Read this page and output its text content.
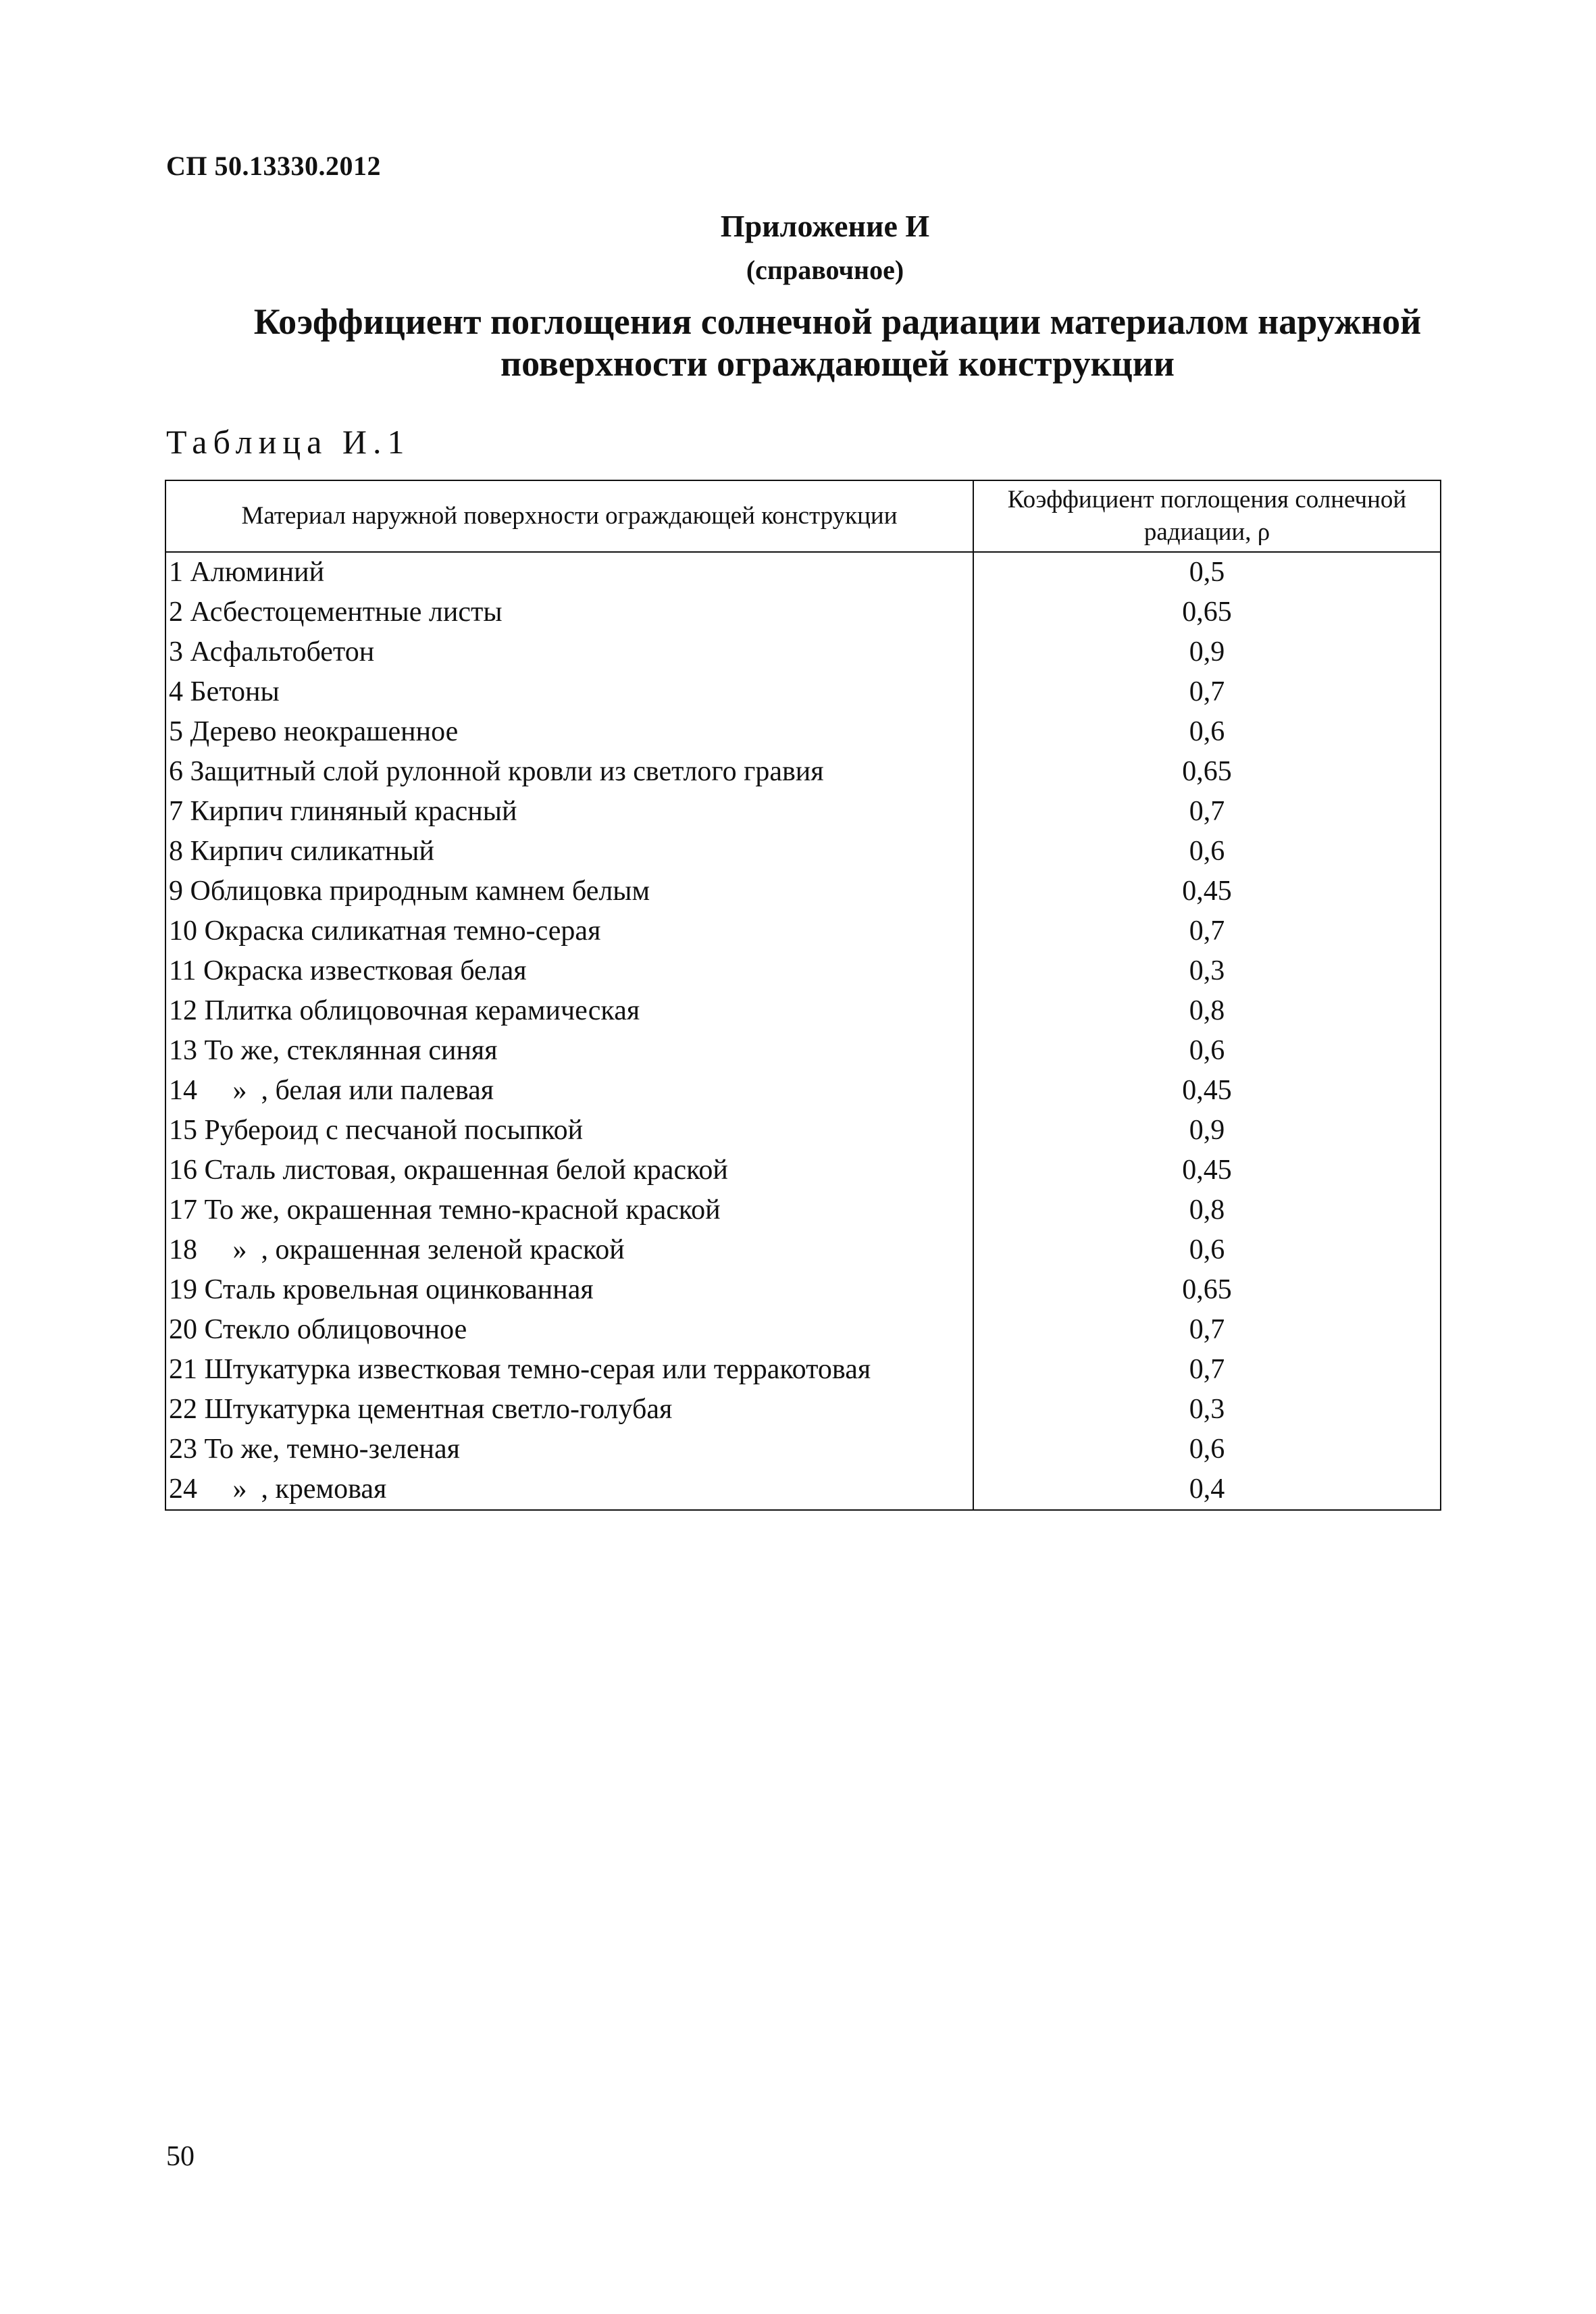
СП 50.13330.2012
Приложение И
(справочное)
Коэффициент поглощения солнечной радиации материалом наружной
поверхности ограждающей конструкции
Таблица И.1
Материал наружной поверхности ограждающей конструкции	Коэффициент поглощения солнечной
радиации, ρ

1 Алюминий	0,5
2 Асбестоцементные листы	0,65
3 Асфальтобетон	0,9
4 Бетоны	0,7
5 Дерево неокрашенное	0,6
6 Защитный слой рулонной кровли из светлого гравия	0,65
7 Кирпич глиняный красный	0,7
8 Кирпич силикатный	0,6
9 Облицовка природным камнем белым	0,45
10 Окраска силикатная темно-серая	0,7
11 Окраска известковая белая	0,3
12 Плитка облицовочная керамическая	0,8
13 То же, стеклянная синяя	0,6
14     »  , белая или палевая	0,45
15 Рубероид с песчаной посыпкой	0,9
16 Сталь листовая, окрашенная белой краской	0,45
17 То же, окрашенная темно-красной краской	0,8
18     »  , окрашенная зеленой краской	0,6
19 Сталь кровельная оцинкованная	0,65
20 Стекло облицовочное	0,7
21 Штукатурка известковая темно-серая или терракотовая	0,7
22 Штукатурка цементная светло-голубая	0,3
23 То же, темно-зеленая	0,6
24     »  , кремовая	0,4
50
